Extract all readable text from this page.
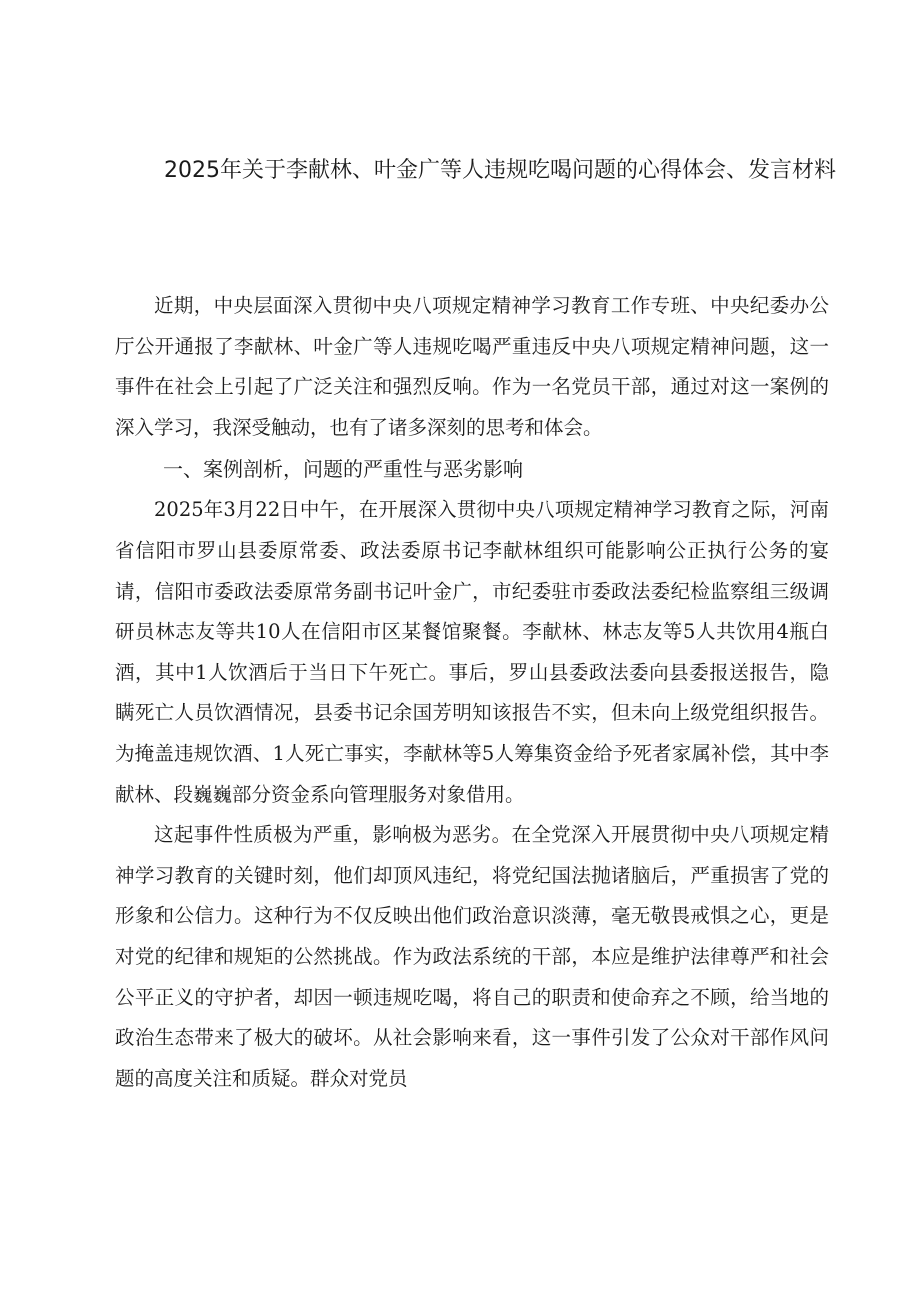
2025年关于李献林、叶金广等人违规吃喝问题的心得体会、发言材料

近期，中央层面深入贯彻中央八项规定精神学习教育工作专班、中央纪委办公厅公开通报了李献林、叶金广等人违规吃喝严重违反中央八项规定精神问题，这一事件在社会上引起了广泛关注和强烈反响。作为一名党员干部，通过对这一案例的深入学习，我深受触动，也有了诸多深刻的思考和体会。

一、案例剖析，问题的严重性与恶劣影响

2025年3月22日中午，在开展深入贯彻中央八项规定精神学习教育之际，河南省信阳市罗山县委原常委、政法委原书记李献林组织可能影响公正执行公务的宴请，信阳市委政法委原常务副书记叶金广，市纪委驻市委政法委纪检监察组三级调研员林志友等共10人在信阳市区某餐馆聚餐。李献林、林志友等5人共饮用4瓶白酒，其中1人饮酒后于当日下午死亡。事后，罗山县委政法委向县委报送报告，隐瞒死亡人员饮酒情况，县委书记余国芳明知该报告不实，但未向上级党组织报告。为掩盖违规饮酒、1人死亡事实，李献林等5人筹集资金给予死者家属补偿，其中李献林、段巍巍部分资金系向管理服务对象借用。

这起事件性质极为严重，影响极为恶劣。在全党深入开展贯彻中央八项规定精神学习教育的关键时刻，他们却顶风违纪，将党纪国法抛诸脑后，严重损害了党的形象和公信力。这种行为不仅反映出他们政治意识淡薄，毫无敬畏戒惧之心，更是对党的纪律和规矩的公然挑战。作为政法系统的干部，本应是维护法律尊严和社会公平正义的守护者，却因一顿违规吃喝，将自己的职责和使命弃之不顾，给当地的政治生态带来了极大的破坏。从社会影响来看，这一事件引发了公众对干部作风问题的高度关注和质疑。群众对党员
